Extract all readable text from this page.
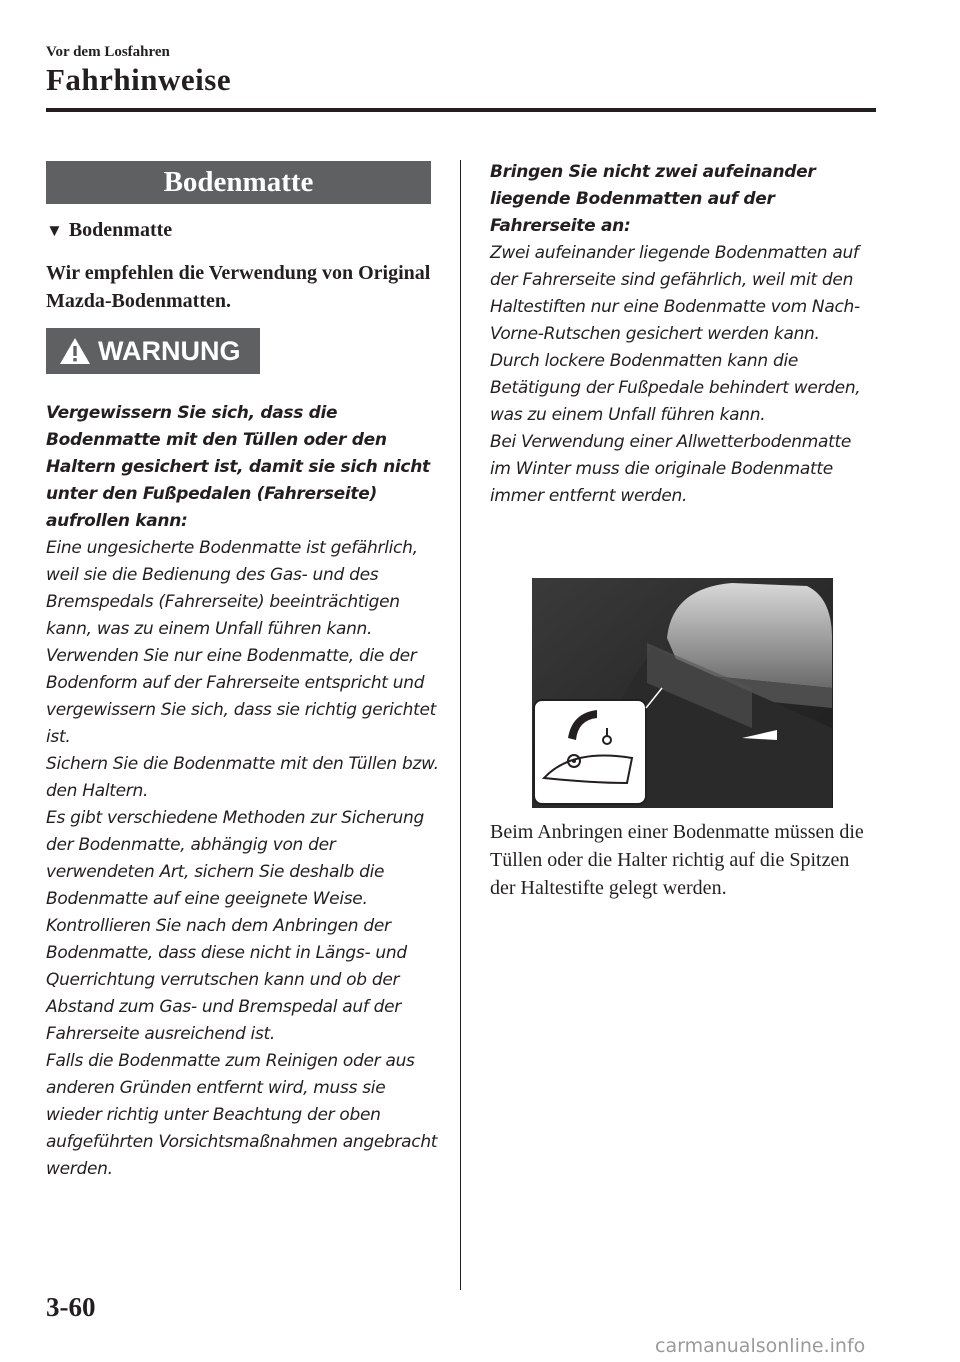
Vor dem Losfahren
Fahrhinweise
Bodenmatte
▼ Bodenmatte
Wir empfehlen die Verwendung von Original Mazda-Bodenmatten.
WARNUNG
Vergewissern Sie sich, dass die Bodenmatte mit den Tüllen oder den Haltern gesichert ist, damit sie sich nicht unter den Fußpedalen (Fahrerseite) aufrollen kann:
Eine ungesicherte Bodenmatte ist gefährlich, weil sie die Bedienung des Gas- und des Bremspedals (Fahrerseite) beeinträchtigen kann, was zu einem Unfall führen kann.
Verwenden Sie nur eine Bodenmatte, die der Bodenform auf der Fahrerseite entspricht und vergewissern Sie sich, dass sie richtig gerichtet ist.
Sichern Sie die Bodenmatte mit den Tüllen bzw. den Haltern.
Es gibt verschiedene Methoden zur Sicherung der Bodenmatte, abhängig von der verwendeten Art, sichern Sie deshalb die Bodenmatte auf eine geeignete Weise.
Kontrollieren Sie nach dem Anbringen der Bodenmatte, dass diese nicht in Längs- und Querrichtung verrutschen kann und ob der Abstand zum Gas- und Bremspedal auf der Fahrerseite ausreichend ist.
Falls die Bodenmatte zum Reinigen oder aus anderen Gründen entfernt wird, muss sie wieder richtig unter Beachtung der oben aufgeführten Vorsichtsmaßnahmen angebracht werden.
Bringen Sie nicht zwei aufeinander liegende Bodenmatten auf der Fahrerseite an:
Zwei aufeinander liegende Bodenmatten auf der Fahrerseite sind gefährlich, weil mit den Haltestiften nur eine Bodenmatte vom Nach-Vorne-Rutschen gesichert werden kann.
Durch lockere Bodenmatten kann die Betätigung der Fußpedale behindert werden, was zu einem Unfall führen kann.
Bei Verwendung einer Allwetterbodenmatte im Winter muss die originale Bodenmatte immer entfernt werden.
Beim Anbringen einer Bodenmatte müssen die Tüllen oder die Halter richtig auf die Spitzen der Haltestifte gelegt werden.
3-60
carmanualsonline.info
